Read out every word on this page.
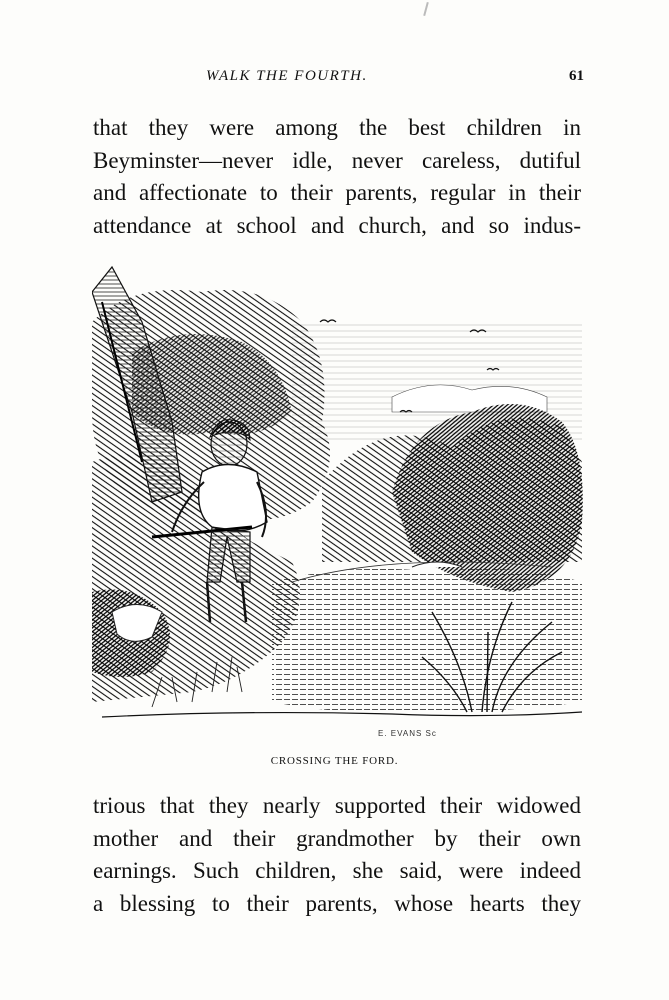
WALK THE FOURTH.	61
that they were among the best children in
Beyminster—never idle, never careless, dutiful
and affectionate to their parents, regular in their
attendance at school and church, and so indus-
E. EVANS Sc
CROSSING THE FORD.
trious that they nearly supported their widowed
mother and their grandmother by their own
earnings. Such children, she said, were indeed
a blessing to their parents, whose hearts they
